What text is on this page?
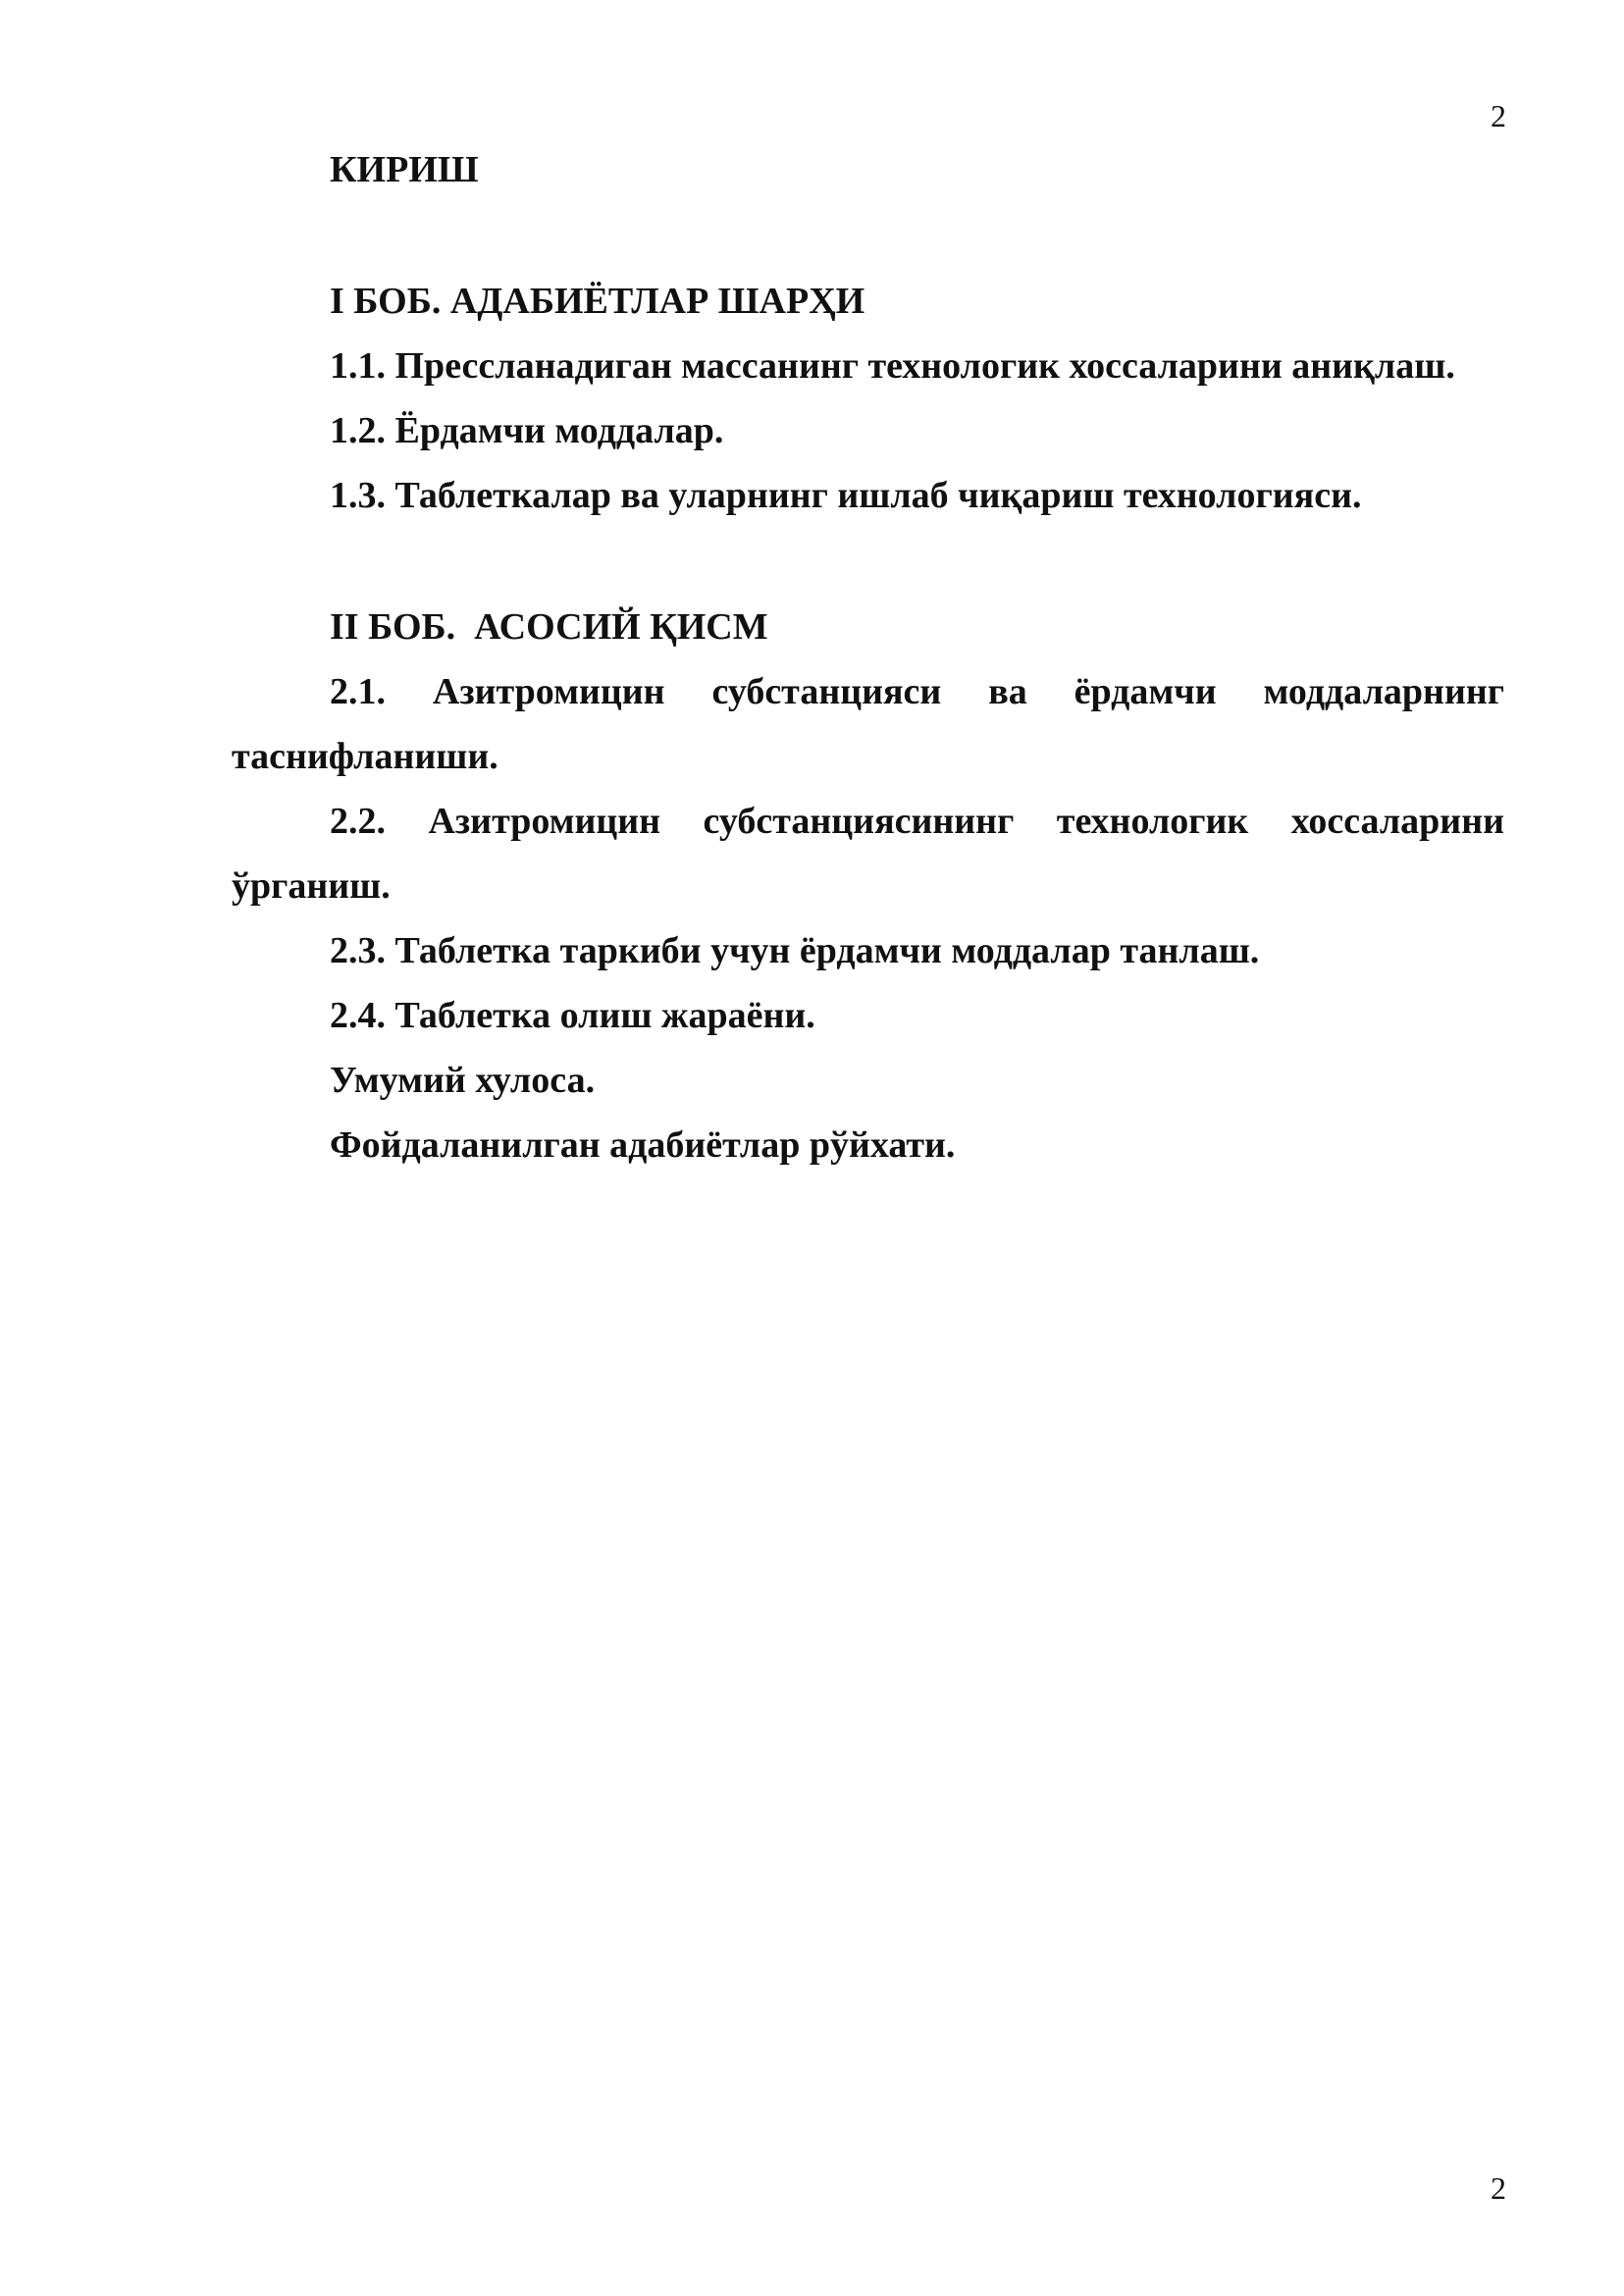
2

КИРИШ

I БОБ. АДАБИЁТЛАР ШАРҲИ

1.1. Прессланадиган массанинг технологик хоссаларини аниқлаш.

1.2. Ёрдамчи моддалар.

1.3. Таблеткалар ва уларнинг ишлаб чиқариш технологияси.

II БОБ.  АСОСИЙ ҚИСМ

2.1. Азитромицин субстанцияси ва ёрдамчи моддаларнинг таснифланиши.

2.2. Азитромицин субстанциясининг технологик хоссаларини ўрганиш.

2.3. Таблетка таркиби учун ёрдамчи моддалар танлаш.

2.4. Таблетка олиш жараёни.

Умумий хулоса.

Фойдаланилган адабиётлар рўйхати.

2
